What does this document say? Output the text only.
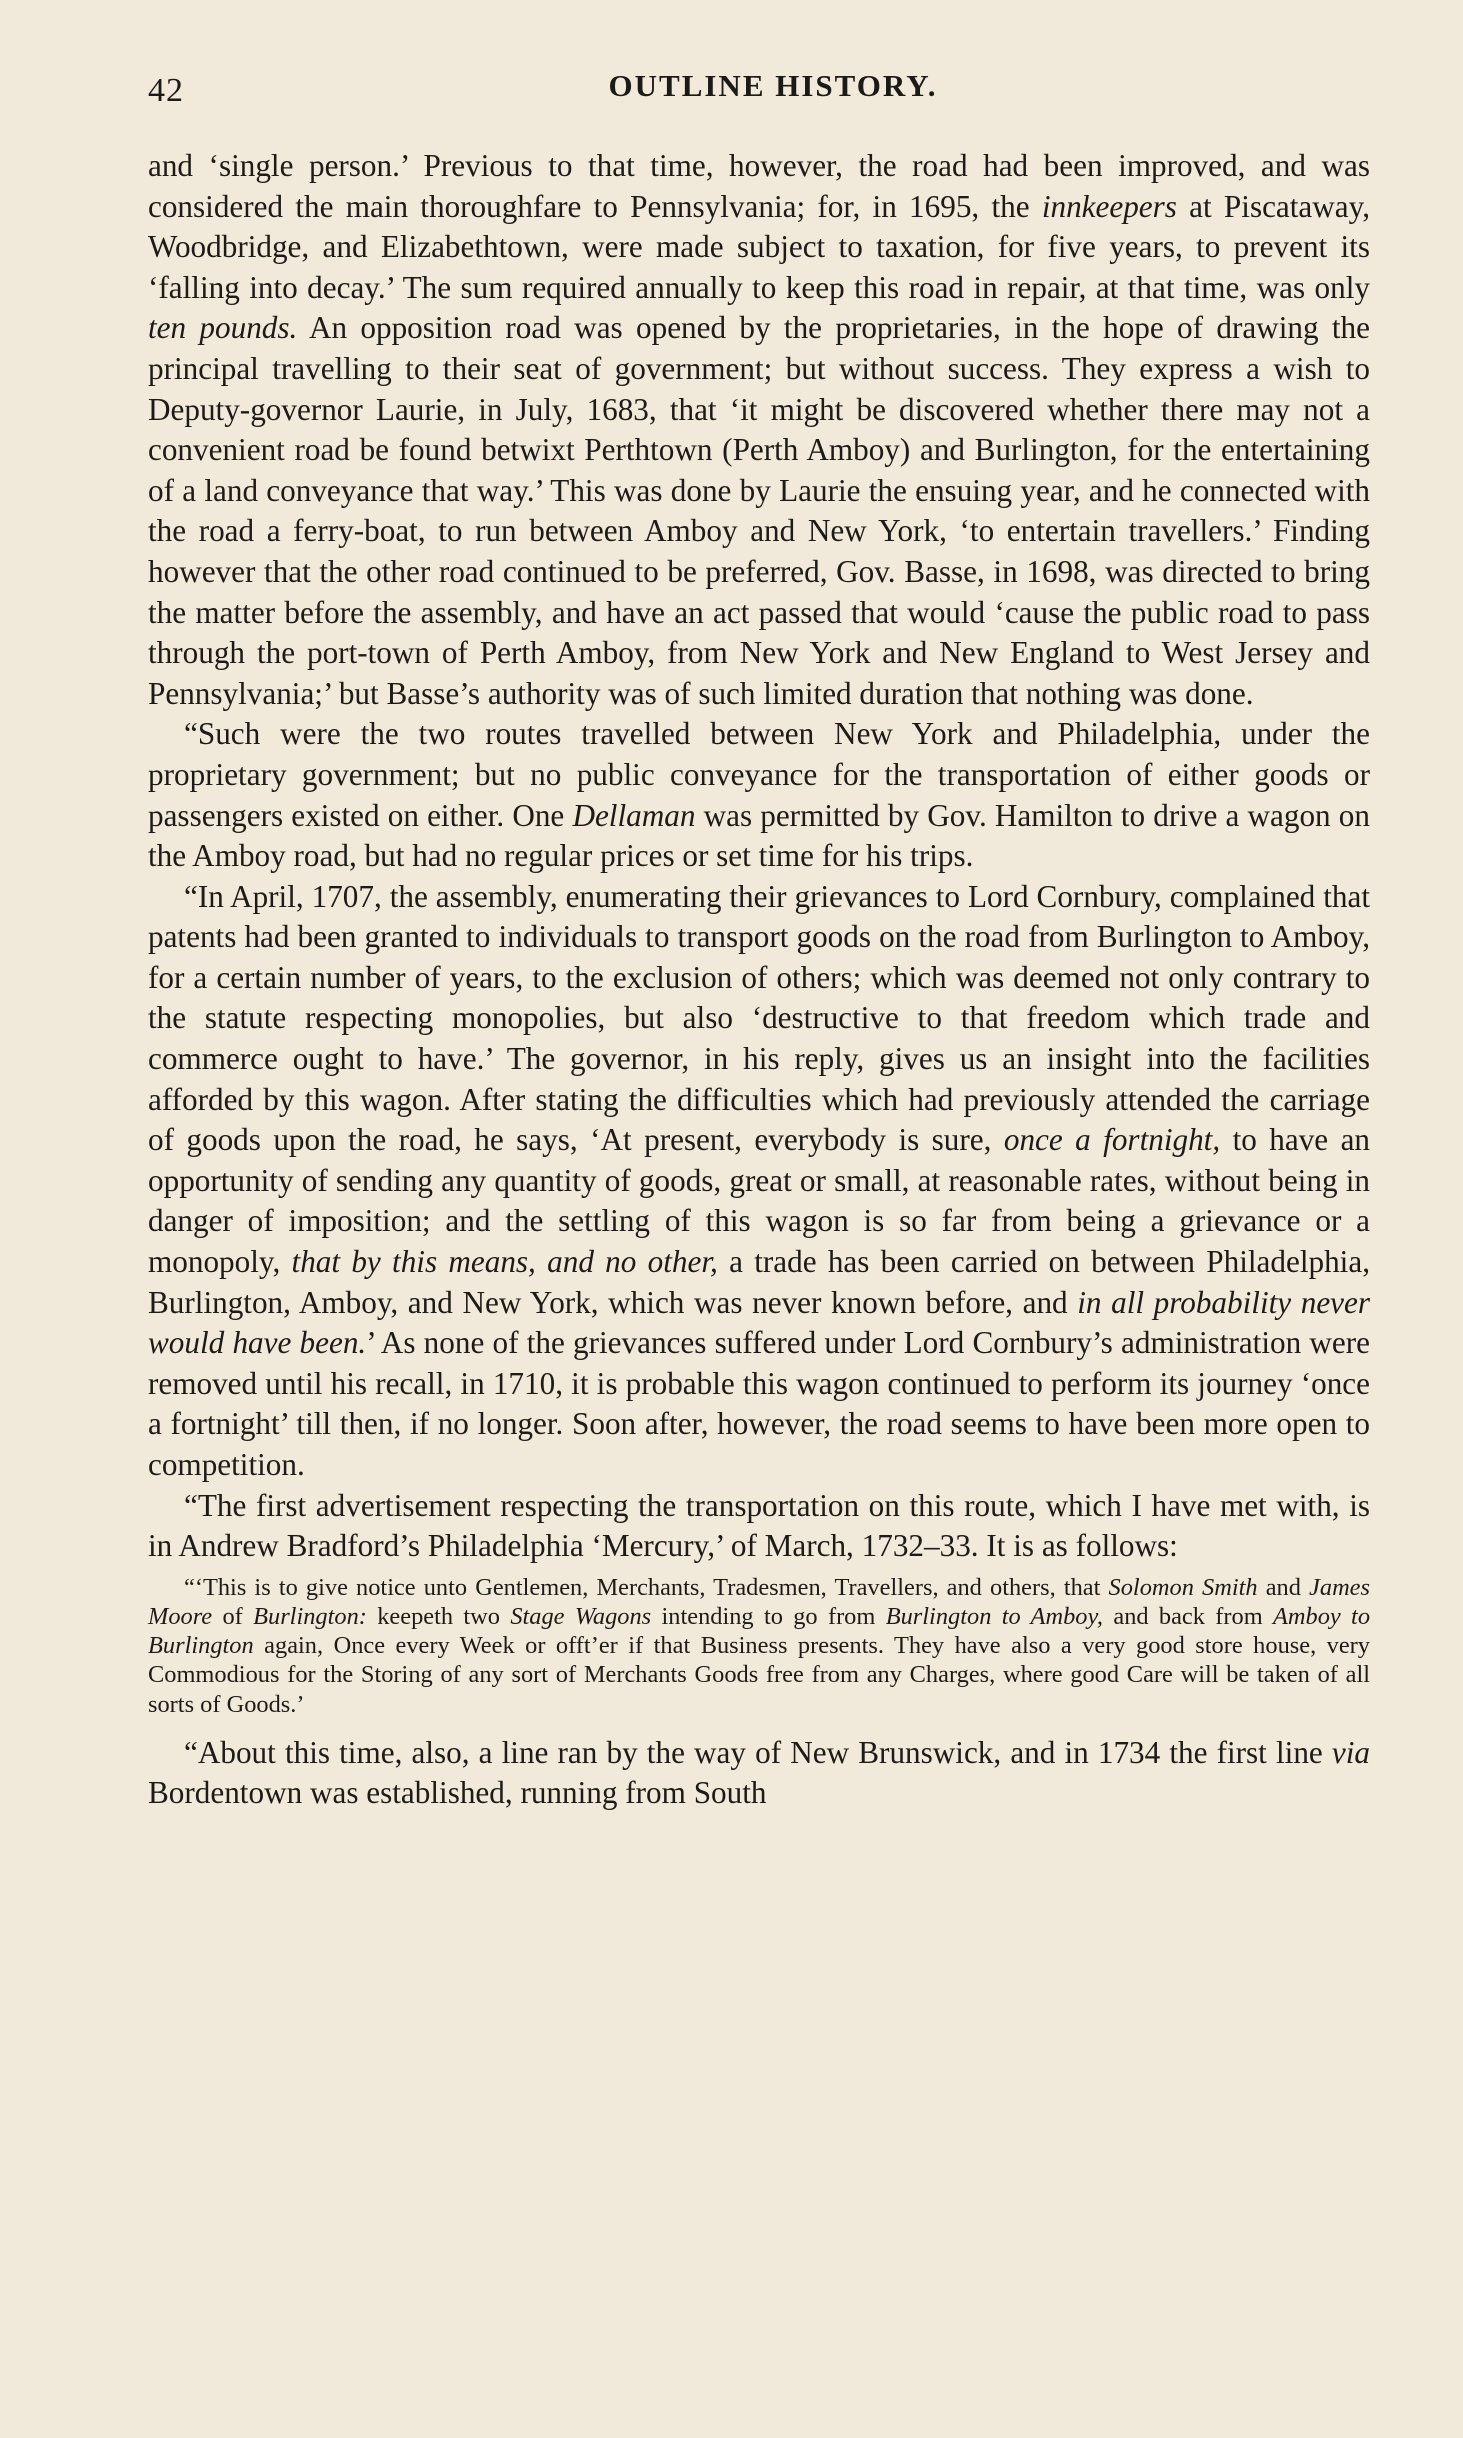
42	OUTLINE HISTORY.

and ‘single person.’ Previous to that time, however, the road had been improved, and was considered the main thoroughfare to Pennsylvania; for, in 1695, the innkeepers at Piscataway, Woodbridge, and Elizabethtown, were made subject to taxation, for five years, to prevent its ‘falling into decay.’ The sum required annually to keep this road in repair, at that time, was only ten pounds. An opposition road was opened by the proprietaries, in the hope of drawing the principal travelling to their seat of government; but without success. They express a wish to Deputy-governor Laurie, in July, 1683, that ‘it might be discovered whether there may not a convenient road be found betwixt Perthtown (Perth Amboy) and Burlington, for the entertaining of a land conveyance that way.’ This was done by Laurie the ensuing year, and he connected with the road a ferry-boat, to run between Amboy and New York, ‘to entertain travellers.’ Finding however that the other road continued to be preferred, Gov. Basse, in 1698, was directed to bring the matter before the assembly, and have an act passed that would ‘cause the public road to pass through the port-town of Perth Amboy, from New York and New England to West Jersey and Pennsylvania;’ but Basse’s authority was of such limited duration that nothing was done.

“Such were the two routes travelled between New York and Philadelphia, under the proprietary government; but no public conveyance for the transportation of either goods or passengers existed on either. One Dellaman was permitted by Gov. Hamilton to drive a wagon on the Amboy road, but had no regular prices or set time for his trips.

“In April, 1707, the assembly, enumerating their grievances to Lord Cornbury, complained that patents had been granted to individuals to transport goods on the road from Burlington to Amboy, for a certain number of years, to the exclusion of others; which was deemed not only contrary to the statute respecting monopolies, but also ‘destructive to that freedom which trade and commerce ought to have.’ The governor, in his reply, gives us an insight into the facilities afforded by this wagon. After stating the difficulties which had previously attended the carriage of goods upon the road, he says, ‘At present, everybody is sure, once a fortnight, to have an opportunity of sending any quantity of goods, great or small, at reasonable rates, without being in danger of imposition; and the settling of this wagon is so far from being a grievance or a monopoly, that by this means, and no other, a trade has been carried on between Philadelphia, Burlington, Amboy, and New York, which was never known before, and in all probability never would have been.’ As none of the grievances suffered under Lord Cornbury’s administration were removed until his recall, in 1710, it is probable this wagon continued to perform its journey ‘once a fortnight’ till then, if no longer. Soon after, however, the road seems to have been more open to competition.

“The first advertisement respecting the transportation on this route, which I have met with, is in Andrew Bradford’s Philadelphia ‘Mercury,’ of March, 1732–33. It is as follows:

“‘This is to give notice unto Gentlemen, Merchants, Tradesmen, Travellers, and others, that Solomon Smith and James Moore of Burlington: keepeth two Stage Wagons intending to go from Burlington to Amboy, and back from Amboy to Burlington again, Once every Week or offt’er if that Business presents. They have also a very good store house, very Commodious for the Storing of any sort of Merchants Goods free from any Charges, where good Care will be taken of all sorts of Goods.’

“About this time, also, a line ran by the way of New Brunswick, and in 1734 the first line via Bordentown was established, running from South
